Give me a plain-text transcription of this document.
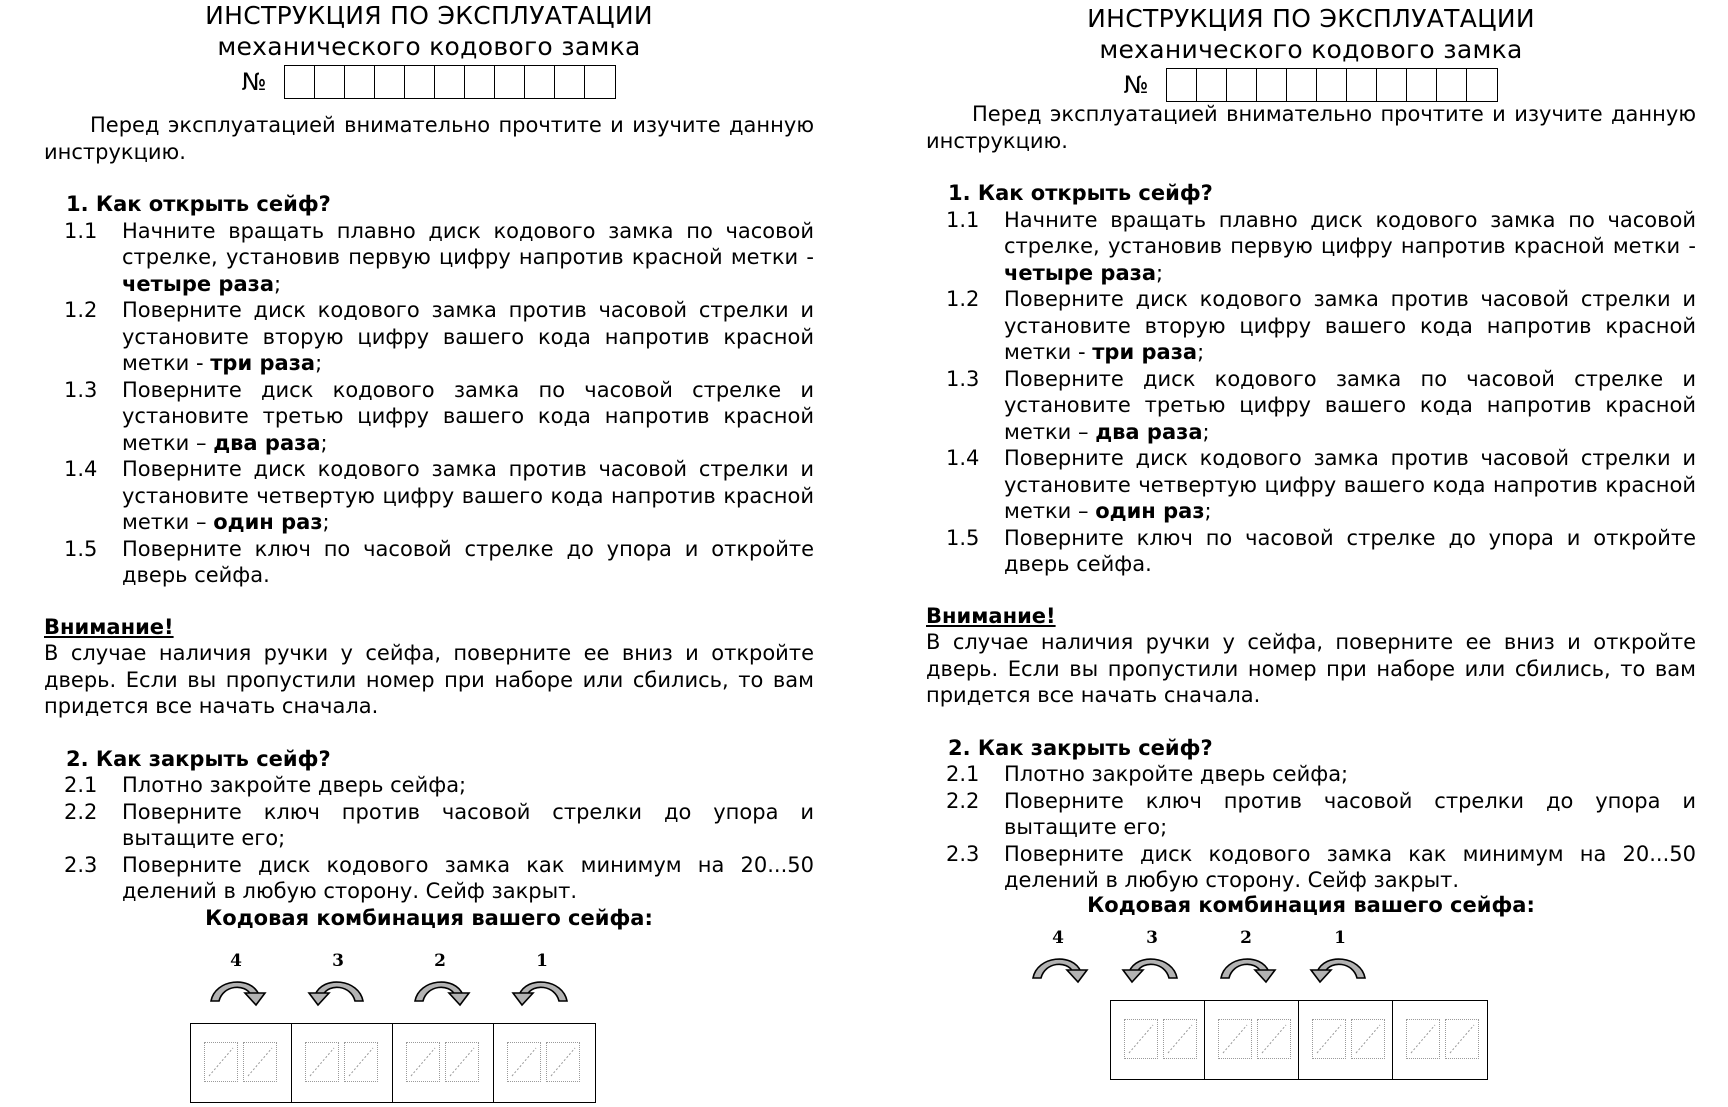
ИНСТРУКЦИЯ ПО ЭКСПЛУАТАЦИИ
механического кодового замка
№
Перед эксплуатацией внимательно прочтите и изучите данную инструкцию.
1. Как открыть сейф?
1.1	Начните вращать плавно диск кодового замка по часовой стрелке, установив первую цифру напротив красной метки - четыре раза;
1.2	Поверните диск кодового замка против часовой стрелки и установите вторую цифру вашего кода напротив красной метки - три раза;
1.3	Поверните диск кодового замка по часовой стрелке и установите третью цифру вашего кода напротив красной метки – два раза;
1.4	Поверните диск кодового замка против часовой стрелки и установите четвертую цифру вашего кода напротив красной метки – один раз;
1.5	Поверните ключ по часовой стрелке до упора и откройте дверь сейфа.
Внимание!
В случае наличия ручки у сейфа, поверните ее вниз и откройте дверь. Если вы пропустили номер при наборе или сбились, то вам придется все начать сначала.
2. Как закрыть сейф?
2.1	Плотно закройте дверь сейфа;
2.2	Поверните ключ против часовой стрелки до упора и вытащите его;
2.3	Поверните диск кодового замка как минимум на 20...50 делений в любую сторону. Сейф закрыт.
Кодовая комбинация вашего сейфа:
4	3	2	1
ИНСТРУКЦИЯ ПО ЭКСПЛУАТАЦИИ
механического кодового замка
№
Перед эксплуатацией внимательно прочтите и изучите данную инструкцию.
1. Как открыть сейф?
1.1	Начните вращать плавно диск кодового замка по часовой стрелке, установив первую цифру напротив красной метки - четыре раза;
1.2	Поверните диск кодового замка против часовой стрелки и установите вторую цифру вашего кода напротив красной метки - три раза;
1.3	Поверните диск кодового замка по часовой стрелке и установите третью цифру вашего кода напротив красной метки – два раза;
1.4	Поверните диск кодового замка против часовой стрелки и установите четвертую цифру вашего кода напротив красной метки – один раз;
1.5	Поверните ключ по часовой стрелке до упора и откройте дверь сейфа.
Внимание!
В случае наличия ручки у сейфа, поверните ее вниз и откройте дверь. Если вы пропустили номер при наборе или сбились, то вам придется все начать сначала.
2. Как закрыть сейф?
2.1	Плотно закройте дверь сейфа;
2.2	Поверните ключ против часовой стрелки до упора и вытащите его;
2.3	Поверните диск кодового замка как минимум на 20...50 делений в любую сторону. Сейф закрыт.
Кодовая комбинация вашего сейфа:
4	3	2	1
